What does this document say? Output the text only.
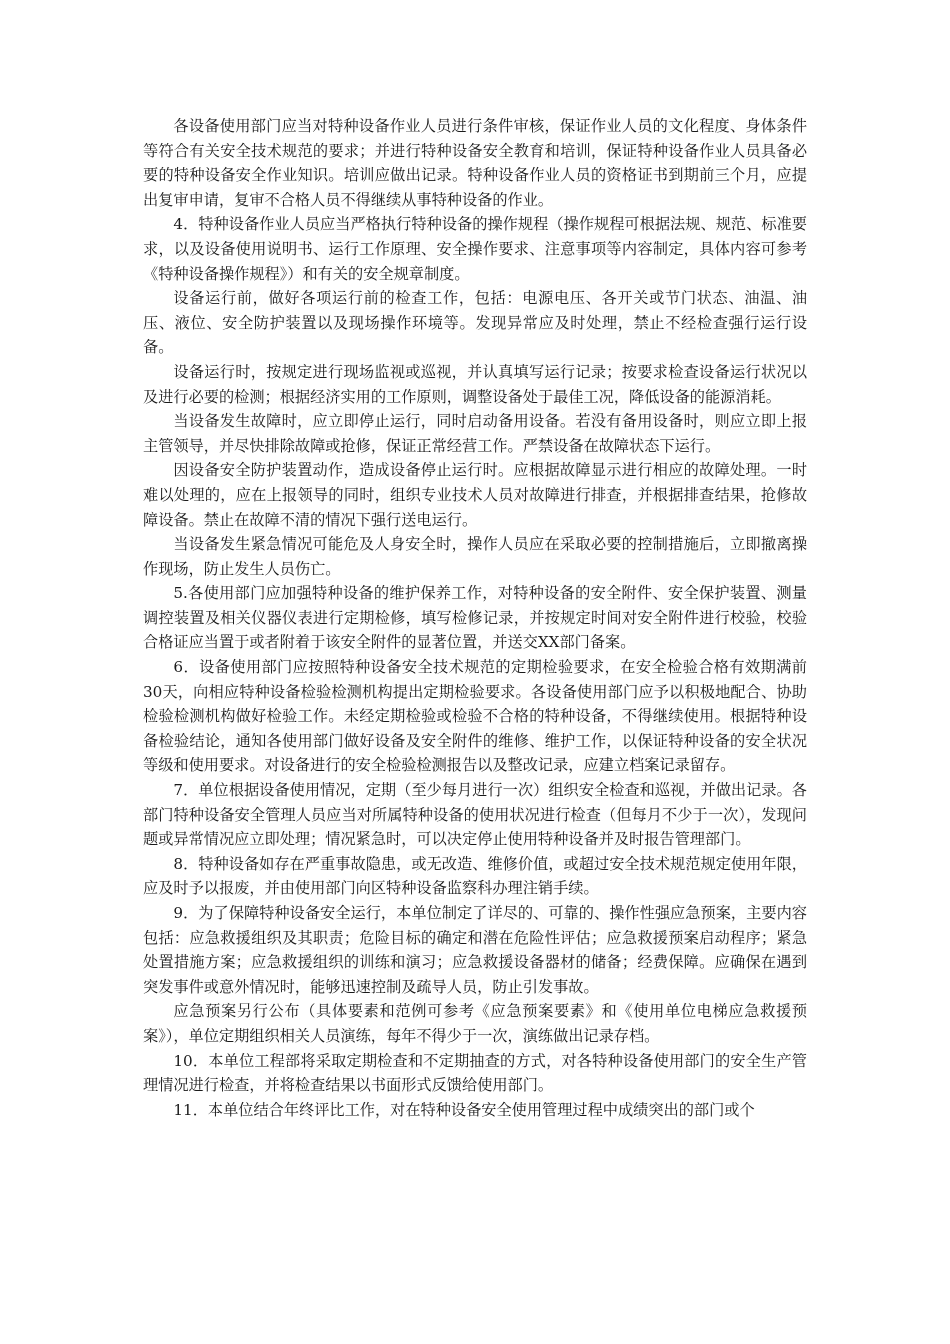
各设备使用部门应当对特种设备作业人员进行条件审核，保证作业人员的文化程度、身体条件等符合有关安全技术规范的要求；并进行特种设备安全教育和培训，保证特种设备作业人员具备必要的特种设备安全作业知识。培训应做出记录。特种设备作业人员的资格证书到期前三个月，应提出复审申请，复审不合格人员不得继续从事特种设备的作业。

4．特种设备作业人员应当严格执行特种设备的操作规程（操作规程可根据法规、规范、标准要求，以及设备使用说明书、运行工作原理、安全操作要求、注意事项等内容制定，具体内容可参考《特种设备操作规程》）和有关的安全规章制度。

设备运行前，做好各项运行前的检查工作，包括：电源电压、各开关或节门状态、油温、油压、液位、安全防护装置以及现场操作环境等。发现异常应及时处理，禁止不经检查强行运行设备。

设备运行时，按规定进行现场监视或巡视，并认真填写运行记录；按要求检查设备运行状况以及进行必要的检测；根据经济实用的工作原则，调整设备处于最佳工况，降低设备的能源消耗。

当设备发生故障时，应立即停止运行，同时启动备用设备。若没有备用设备时，则应立即上报主管领导，并尽快排除故障或抢修，保证正常经营工作。严禁设备在故障状态下运行。

因设备安全防护装置动作，造成设备停止运行时。应根据故障显示进行相应的故障处理。一时难以处理的，应在上报领导的同时，组织专业技术人员对故障进行排查，并根据排查结果，抢修故障设备。禁止在故障不清的情况下强行送电运行。

当设备发生紧急情况可能危及人身安全时，操作人员应在采取必要的控制措施后，立即撤离操作现场，防止发生人员伤亡。

5.各使用部门应加强特种设备的维护保养工作，对特种设备的安全附件、安全保护装置、测量调控装置及相关仪器仪表进行定期检修，填写检修记录，并按规定时间对安全附件进行校验，校验合格证应当置于或者附着于该安全附件的显著位置，并送交XX部门备案。

6．设备使用部门应按照特种设备安全技术规范的定期检验要求，在安全检验合格有效期满前30天，向相应特种设备检验检测机构提出定期检验要求。各设备使用部门应予以积极地配合、协助检验检测机构做好检验工作。未经定期检验或检验不合格的特种设备，不得继续使用。根据特种设备检验结论，通知各使用部门做好设备及安全附件的维修、维护工作，以保证特种设备的安全状况等级和使用要求。对设备进行的安全检验检测报告以及整改记录，应建立档案记录留存。

7．单位根据设备使用情况，定期（至少每月进行一次）组织安全检查和巡视，并做出记录。各部门特种设备安全管理人员应当对所属特种设备的使用状况进行检查（但每月不少于一次），发现问题或异常情况应立即处理；情况紧急时，可以决定停止使用特种设备并及时报告管理部门。

8．特种设备如存在严重事故隐患，或无改造、维修价值，或超过安全技术规范规定使用年限，应及时予以报废，并由使用部门向区特种设备监察科办理注销手续。

9．为了保障特种设备安全运行，本单位制定了详尽的、可靠的、操作性强应急预案，主要内容包括：应急救援组织及其职责；危险目标的确定和潜在危险性评估；应急救援预案启动程序；紧急处置措施方案；应急救援组织的训练和演习；应急救援设备器材的储备；经费保障。应确保在遇到突发事件或意外情况时，能够迅速控制及疏导人员，防止引发事故。

应急预案另行公布（具体要素和范例可参考《应急预案要素》和《使用单位电梯应急救援预案》），单位定期组织相关人员演练，每年不得少于一次，演练做出记录存档。

10．本单位工程部将采取定期检查和不定期抽查的方式，对各特种设备使用部门的安全生产管理情况进行检查，并将检查结果以书面形式反馈给使用部门。

11．本单位结合年终评比工作，对在特种设备安全使用管理过程中成绩突出的部门或个
